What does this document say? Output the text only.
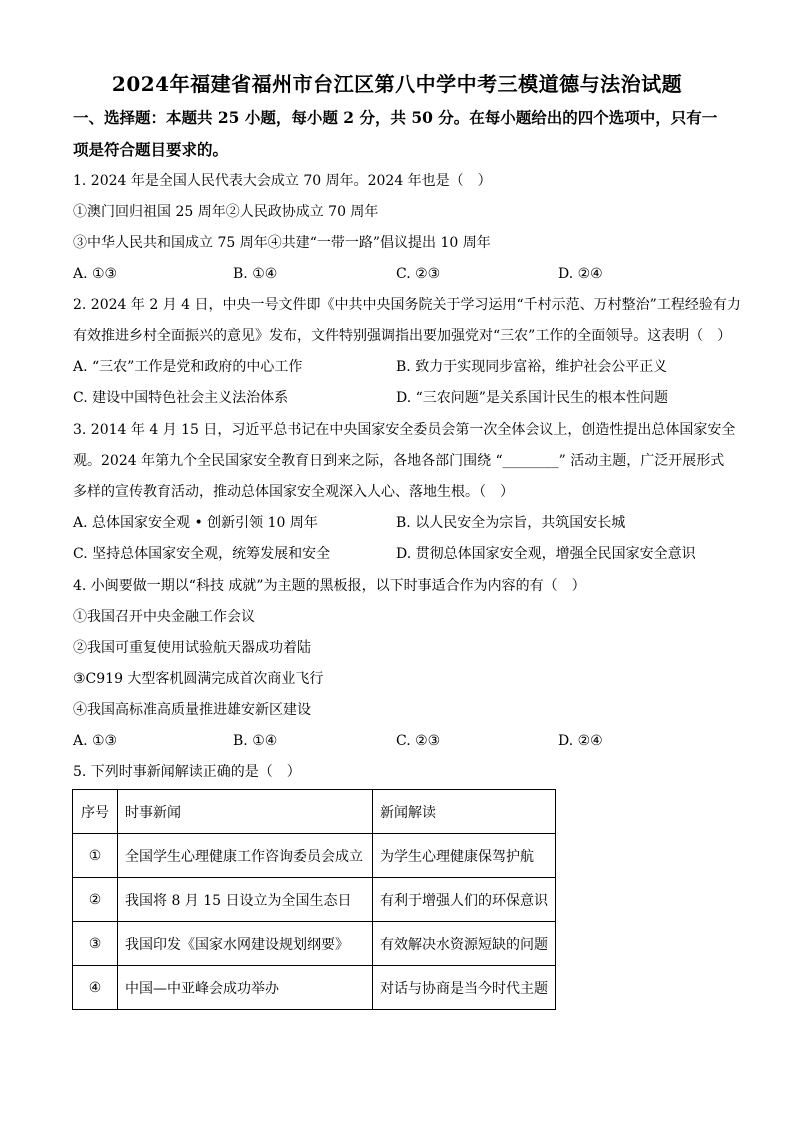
2024年福建省福州市台江区第八中学中考三模道德与法治试题
一、选择题：本题共 25 小题，每小题 2 分，共 50 分。在每小题给出的四个选项中，只有一
项是符合题目要求的。
1. 2024 年是全国人民代表大会成立 70 周年。2024 年也是（　）
①澳门回归祖国 25 周年②人民政协成立 70 周年
③中华人民共和国成立 75 周年④共建“一带一路”倡议提出 10 周年
A. ①③	B. ①④	C. ②③	D. ②④
2. 2024 年 2 月 4 日，中央一号文件即《中共中央国务院关于学习运用“千村示范、万村整治”工程经验有力
有效推进乡村全面振兴的意见》发布，文件特别强调指出要加强党对“三农”工作的全面领导。这表明（　）
A. “三农”工作是党和政府的中心工作	B. 致力于实现同步富裕，维护社会公平正义
C. 建设中国特色社会主义法治体系	D. “三农问题”是关系国计民生的根本性问题
3. 2014 年 4 月 15 日，习近平总书记在中央国家安全委员会第一次全体会议上，创造性提出总体国家安全
观。2024 年第九个全民国家安全教育日到来之际，各地各部门围绕 “________” 活动主题，广泛开展形式
多样的宣传教育活动，推动总体国家安全观深入人心、落地生根。（　）
A. 总体国家安全观 • 创新引领 10 周年	B. 以人民安全为宗旨，共筑国安长城
C. 坚持总体国家安全观，统筹发展和安全	D. 贯彻总体国家安全观，增强全民国家安全意识
4. 小闽要做一期以“科技 成就”为主题的黑板报，以下时事适合作为内容的有（　）
①我国召开中央金融工作会议
②我国可重复使用试验航天器成功着陆
③C919 大型客机圆满完成首次商业飞行
④我国高标准高质量推进雄安新区建设
A. ①③	B. ①④	C. ②③	D. ②④
5. 下列时事新闻解读正确的是（　）
序号	时事新闻	新闻解读
①	全国学生心理健康工作咨询委员会成立	为学生心理健康保驾护航
②	我国将 8 月 15 日设立为全国生态日	有利于增强人们的环保意识
③	我国印发《国家水网建设规划纲要》	有效解决水资源短缺的问题
④	中国—中亚峰会成功举办	对话与协商是当今时代主题
